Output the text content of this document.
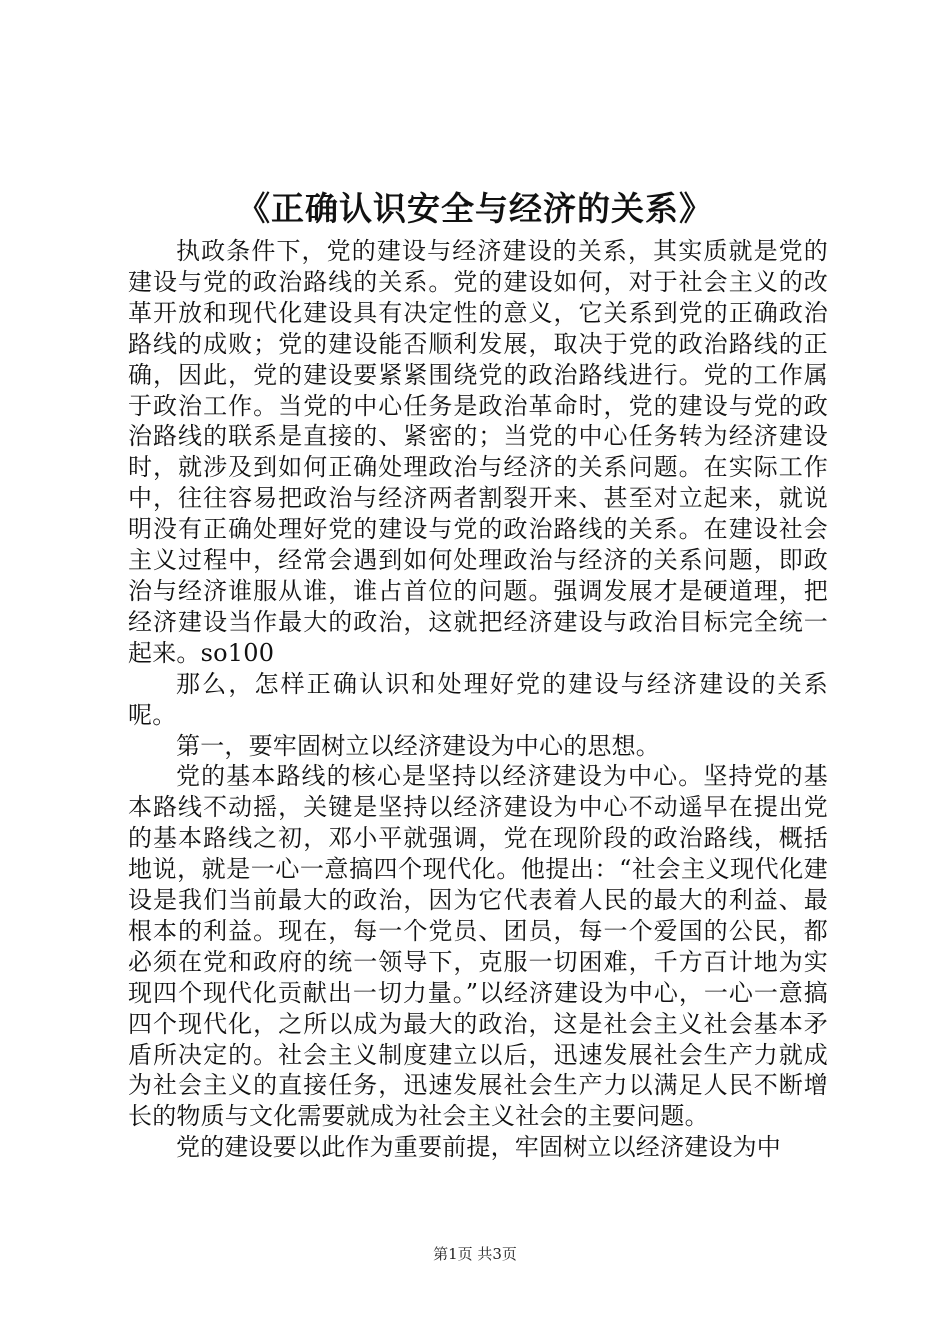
《正确认识安全与经济的关系》

执政条件下，党的建设与经济建设的关系，其实质就是党的建设与党的政治路线的关系。党的建设如何，对于社会主义的改革开放和现代化建设具有决定性的意义，它关系到党的正确政治路线的成败；党的建设能否顺利发展，取决于党的政治路线的正确，因此，党的建设要紧紧围绕党的政治路线进行。党的工作属于政治工作。当党的中心任务是政治革命时，党的建设与党的政治路线的联系是直接的、紧密的；当党的中心任务转为经济建设时，就涉及到如何正确处理政治与经济的关系问题。在实际工作中，往往容易把政治与经济两者割裂开来、甚至对立起来，就说明没有正确处理好党的建设与党的政治路线的关系。在建设社会主义过程中，经常会遇到如何处理政治与经济的关系问题，即政治与经济谁服从谁，谁占首位的问题。强调发展才是硬道理，把经济建设当作最大的政治，这就把经济建设与政治目标完全统一起来。so100

那么，怎样正确认识和处理好党的建设与经济建设的关系呢。

第一，要牢固树立以经济建设为中心的思想。

党的基本路线的核心是坚持以经济建设为中心。坚持党的基本路线不动摇，关键是坚持以经济建设为中心不动遥早在提出党的基本路线之初，邓小平就强调，党在现阶段的政治路线，概括地说，就是一心一意搞四个现代化。他提出：“社会主义现代化建设是我们当前最大的政治，因为它代表着人民的最大的利益、最根本的利益。现在，每一个党员、团员，每一个爱国的公民，都必须在党和政府的统一领导下，克服一切困难，千方百计地为实现四个现代化贡献出一切力量。”以经济建设为中心，一心一意搞四个现代化，之所以成为最大的政治，这是社会主义社会基本矛盾所决定的。社会主义制度建立以后，迅速发展社会生产力就成为社会主义的直接任务，迅速发展社会生产力以满足人民不断增长的物质与文化需要就成为社会主义社会的主要问题。

党的建设要以此作为重要前提，牢固树立以经济建设为中

第1页 共3页
